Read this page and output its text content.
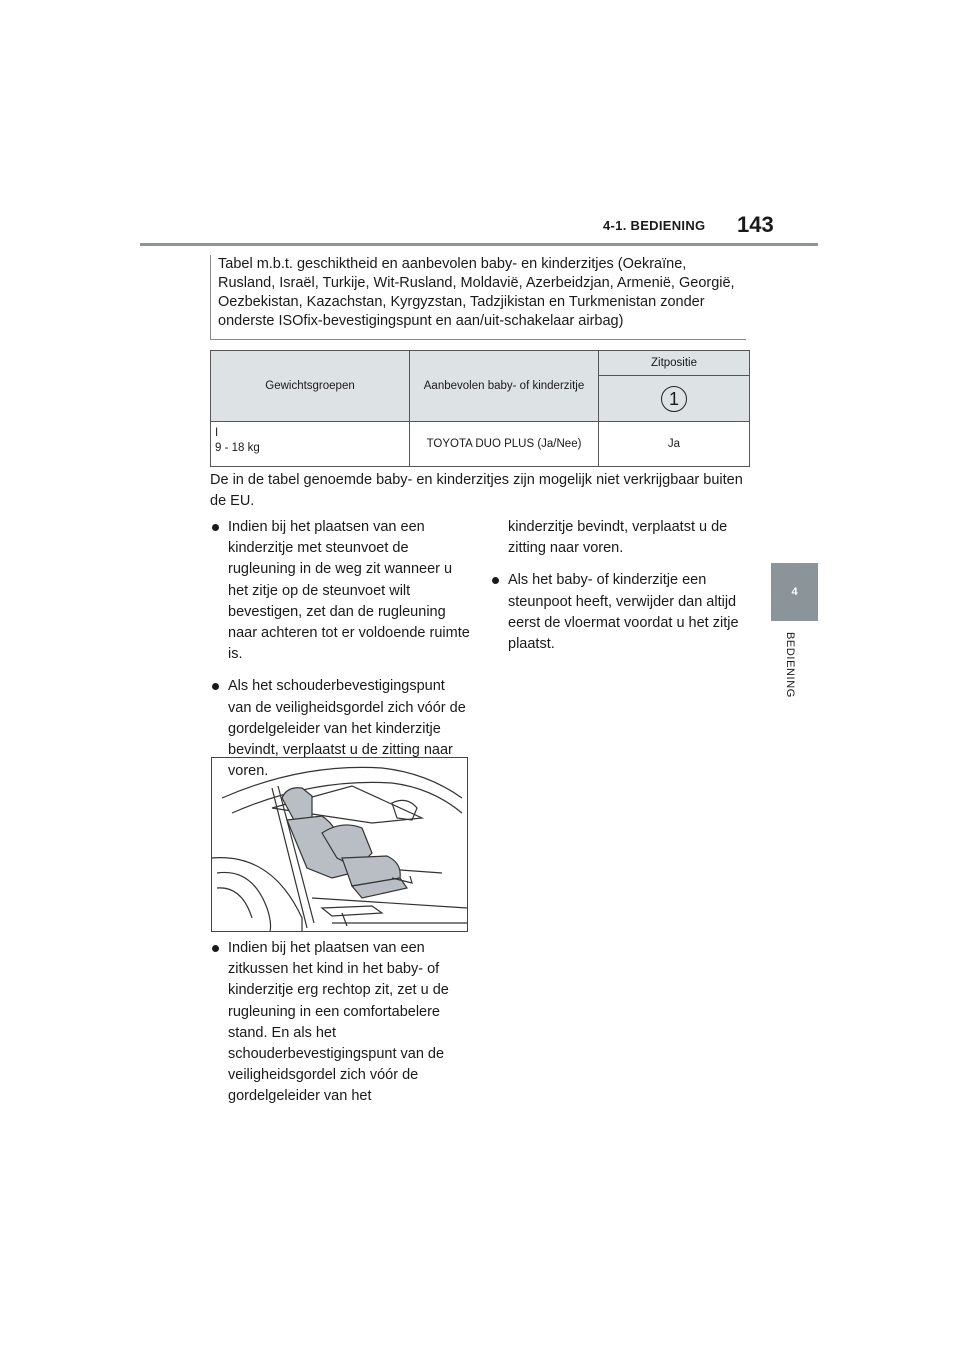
4-1. BEDIENING 143
4
BEDIENING
Tabel m.b.t. geschiktheid en aanbevolen baby- en kinderzitjes (Oekraïne, Rusland, Israël, Turkije, Wit-Rusland, Moldavië, Azerbeidzjan, Armenië, Georgië, Oezbekistan, Kazachstan, Kyrgyzstan, Tadzjikistan en Turkmenistan zonder onderste ISOfix-bevestigingspunt en aan/uit-schakelaar airbag)
Gewichtsgroepen	Aanbevolen baby- of kinderzitje	Zitpositie
		1

I
9 - 18 kg	TOYOTA DUO PLUS (Ja/Nee)	Ja
De in de tabel genoemde baby- en kinderzitjes zijn mogelijk niet verkrijgbaar buiten de EU.
Indien bij het plaatsen van een kinderzitje met steunvoet de rugleuning in de weg zit wanneer u het zitje op de steunvoet wilt bevestigen, zet dan de rugleuning naar achteren tot er voldoende ruimte is.
Als het schouderbevestigingspunt van de veiligheidsgordel zich vóór de gordelgeleider van het kinderzitje bevindt, verplaatst u de zitting naar voren.
kinderzitje bevindt, verplaatst u de zitting naar voren.
Als het baby- of kinderzitje een steunpoot heeft, verwijder dan altijd eerst de vloermat voordat u het zitje plaatst.
Indien bij het plaatsen van een zitkussen het kind in het baby- of kinderzitje erg rechtop zit, zet u de rugleuning in een comfortabelere stand. En als het schouderbevestigingspunt van de veiligheidsgordel zich vóór de gordelgeleider van het
